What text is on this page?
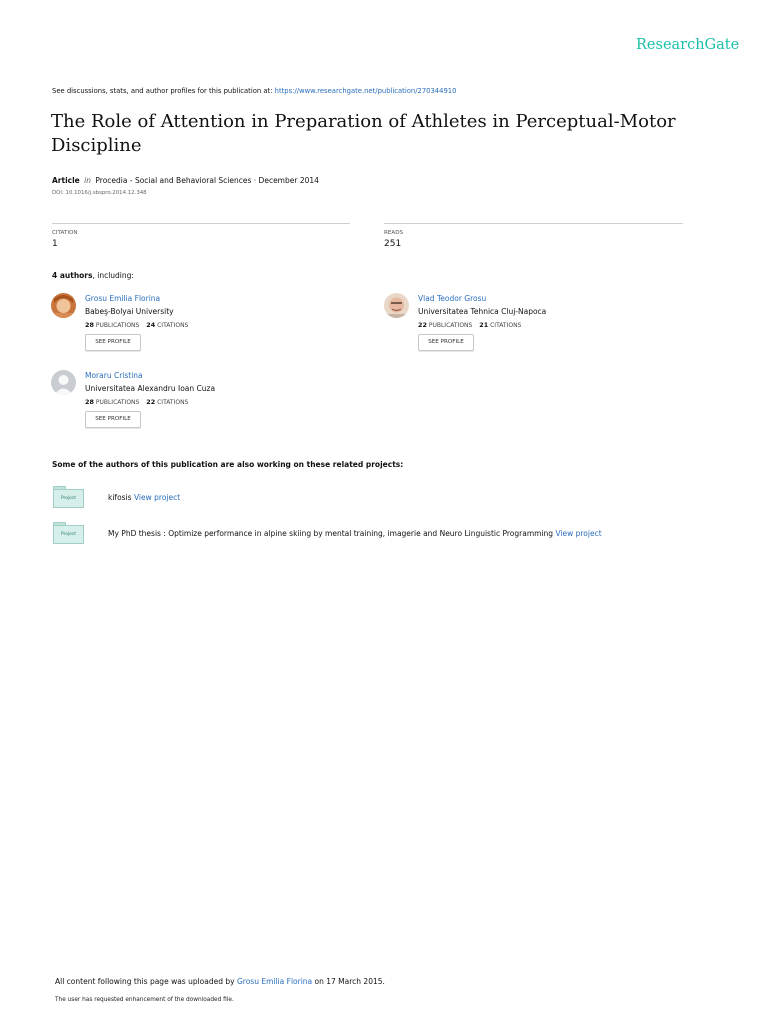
ResearchGate
See discussions, stats, and author profiles for this publication at: https://www.researchgate.net/publication/270344910
The Role of Attention in Preparation of Athletes in Perceptual-Motor Discipline
Article in Procedia - Social and Behavioral Sciences · December 2014
DOI: 10.1016/j.sbspro.2014.12.348
CITATION
1
READS
251
4 authors, including:
Grosu Emilia Florina
Babeş-Bolyai University
28 PUBLICATIONS 24 CITATIONS
SEE PROFILE
Vlad Teodor Grosu
Universitatea Tehnica Cluj-Napoca
22 PUBLICATIONS 21 CITATIONS
SEE PROFILE
Moraru Cristina
Universitatea Alexandru Ioan Cuza
28 PUBLICATIONS 22 CITATIONS
SEE PROFILE
Some of the authors of this publication are also working on these related projects:
Project	kifosis View project
Project	My PhD thesis : Optimize performance in alpine skiing by mental training, imagerie and Neuro Linguistic Programming View project
All content following this page was uploaded by Grosu Emilia Florina on 17 March 2015.
The user has requested enhancement of the downloaded file.
